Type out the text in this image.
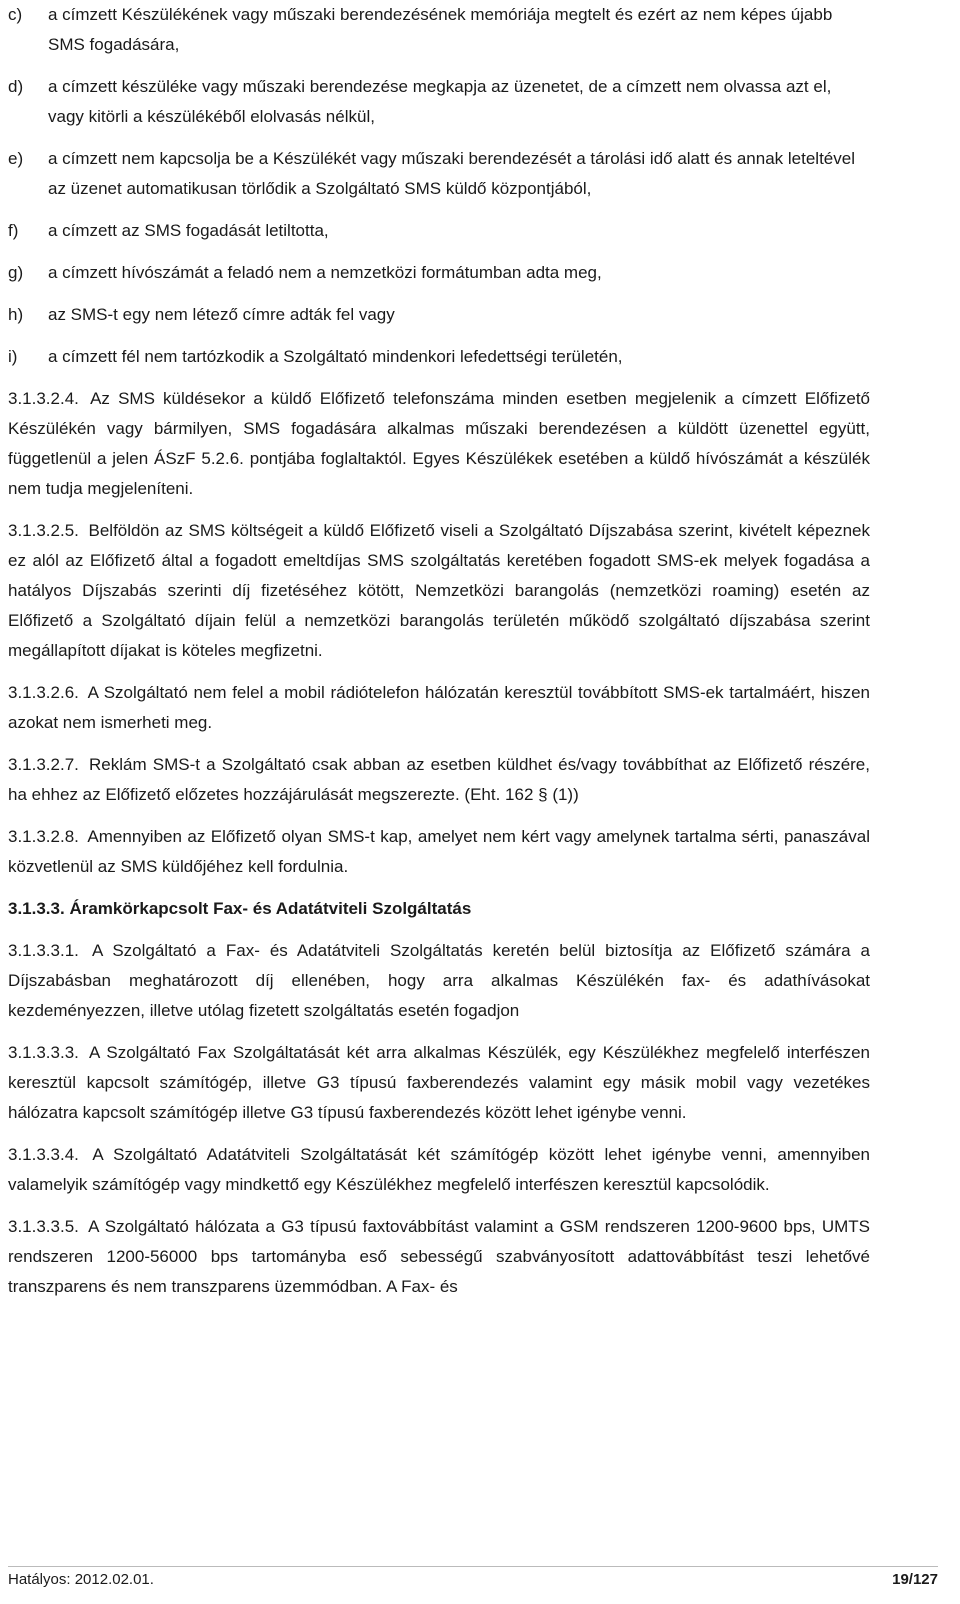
c) a címzett Készülékének vagy műszaki berendezésének memóriája megtelt és ezért az nem képes újabb SMS fogadására,
d) a címzett készüléke vagy műszaki berendezése megkapja az üzenetet, de a címzett nem olvassa azt el, vagy kitörli a készülékéből elolvasás nélkül,
e) a címzett nem kapcsolja be a Készülékét vagy műszaki berendezését a tárolási idő alatt és annak leteltével az üzenet automatikusan törlődik a Szolgáltató SMS küldő központjából,
f) a címzett az SMS fogadását letiltotta,
g) a címzett hívószámát a feladó nem a nemzetközi formátumban adta meg,
h) az SMS-t egy nem létező címre adták fel vagy
i) a címzett fél nem tartózkodik a Szolgáltató mindenkori lefedettségi területén,

3.1.3.2.4. Az SMS küldésekor a küldő Előfizető telefonszáma minden esetben megjelenik a címzett Előfizető Készülékén vagy bármilyen, SMS fogadására alkalmas műszaki berendezésen a küldött üzenettel együtt, függetlenül a jelen ÁSzF 5.2.6. pontjába foglaltaktól. Egyes Készülékek esetében a küldő hívószámát a készülék nem tudja megjeleníteni.

3.1.3.2.5. Belföldön az SMS költségeit a küldő Előfizető viseli a Szolgáltató Díjszabása szerint, kivételt képeznek ez alól az Előfizető által a fogadott emeltdíjas SMS szolgáltatás keretében fogadott SMS-ek melyek fogadása a hatályos Díjszabás szerinti díj fizetéséhez kötött, Nemzetközi barangolás (nemzetközi roaming) esetén az Előfizető a Szolgáltató díjain felül a nemzetközi barangolás területén működő szolgáltató díjszabása szerint megállapított díjakat is köteles megfizetni.

3.1.3.2.6. A Szolgáltató nem felel a mobil rádiótelefon hálózatán keresztül továbbított SMS-ek tartalmáért, hiszen azokat nem ismerheti meg.

3.1.3.2.7. Reklám SMS-t a Szolgáltató csak abban az esetben küldhet és/vagy továbbíthat az Előfizető részére, ha ehhez az Előfizető előzetes hozzájárulását megszerezte. (Eht. 162 § (1))

3.1.3.2.8. Amennyiben az Előfizető olyan SMS-t kap, amelyet nem kért vagy amelynek tartalma sérti, panaszával közvetlenül az SMS küldőjéhez kell fordulnia.

3.1.3.3. Áramkörkapcsolt Fax- és Adatátviteli Szolgáltatás

3.1.3.3.1. A Szolgáltató a Fax- és Adatátviteli Szolgáltatás keretén belül biztosítja az Előfizető számára a Díjszabásban meghatározott díj ellenében, hogy arra alkalmas Készülékén fax- és adathívásokat kezdeményezzen, illetve utólag fizetett szolgáltatás esetén fogadjon

3.1.3.3.3. A Szolgáltató Fax Szolgáltatását két arra alkalmas Készülék, egy Készülékhez megfelelő interfészen keresztül kapcsolt számítógép, illetve G3 típusú faxberendezés valamint egy másik mobil vagy vezetékes hálózatra kapcsolt számítógép illetve G3 típusú faxberendezés között lehet igénybe venni.

3.1.3.3.4. A Szolgáltató Adatátviteli Szolgáltatását két számítógép között lehet igénybe venni, amennyiben valamelyik számítógép vagy mindkettő egy Készülékhez megfelelő interfészen keresztül kapcsolódik.

3.1.3.3.5. A Szolgáltató hálózata a G3 típusú faxtovábbítást valamint a GSM rendszeren 1200-9600 bps, UMTS rendszeren 1200-56000 bps tartományba eső sebességű szabványosított adattovábbítást teszi lehetővé transzparens és nem transzparens üzemmódban. A Fax- és

Hatályos: 2012.02.01.	19/127
